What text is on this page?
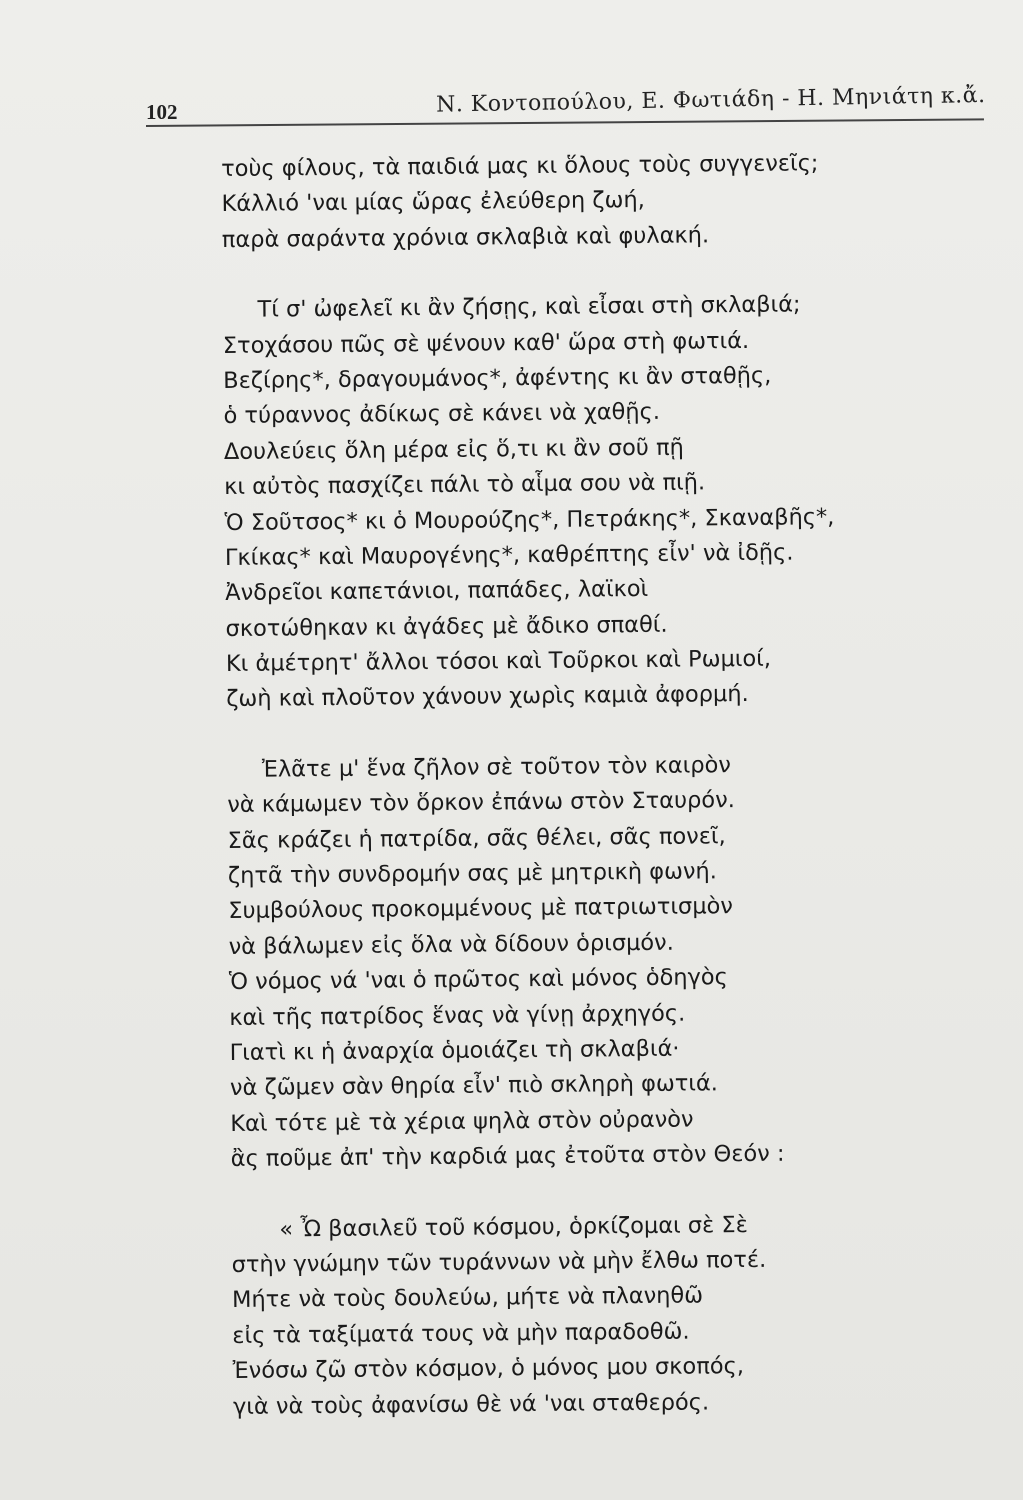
102	Ν. Κοντοπούλου, Ε. Φωτιάδη - Η. Μηνιάτη κ.ἄ.
τοὺς φίλους, τὰ παιδιά μας κι ὅλους τοὺς συγγενεῖς;
Κάλλιό 'ναι μίας ὥρας ἐλεύθερη ζωή,
παρὰ σαράντα χρόνια σκλαβιὰ καὶ φυλακή.
Τί σ' ὠφελεῖ κι ἂν ζήσῃς, καὶ εἶσαι στὴ σκλαβιά;
Στοχάσου πῶς σὲ ψένουν καθ' ὥρα στὴ φωτιά.
Βεζίρης*, δραγουμάνος*, ἀφέντης κι ἂν σταθῇς,
ὁ τύραννος ἀδίκως σὲ κάνει νὰ χαθῇς.
Δουλεύεις ὅλη μέρα εἰς ὅ,τι κι ἂν σοῦ πῇ
κι αὐτὸς πασχίζει πάλι τὸ αἷμα σου νὰ πιῇ.
Ὁ Σοῦτσος* κι ὁ Μουρούζης*, Πετράκης*, Σκαναβῆς*,
Γκίκας* καὶ Μαυρογένης*, καθρέπτης εἶν' νὰ ἰδῇς.
Ἀνδρεῖοι καπετάνιοι, παπάδες, λαϊκοὶ
σκοτώθηκαν κι ἀγάδες μὲ ἄδικο σπαθί.
Κι ἀμέτρητ' ἄλλοι τόσοι καὶ Τοῦρκοι καὶ Ρωμιοί,
ζωὴ καὶ πλοῦτον χάνουν χωρὶς καμιὰ ἀφορμή.
Ἐλᾶτε μ' ἕνα ζῆλον σὲ τοῦτον τὸν καιρὸν
νὰ κάμωμεν τὸν ὅρκον ἐπάνω στὸν Σταυρόν.
Σᾶς κράζει ἡ πατρίδα, σᾶς θέλει, σᾶς πονεῖ,
ζητᾶ τὴν συνδρομήν σας μὲ μητρικὴ φωνή.
Συμβούλους προκομμένους μὲ πατριωτισμὸν
νὰ βάλωμεν εἰς ὅλα νὰ δίδουν ὁρισμόν.
Ὁ νόμος νά 'ναι ὁ πρῶτος καὶ μόνος ὁδηγὸς
καὶ τῆς πατρίδος ἕνας νὰ γίνῃ ἀρχηγός.
Γιατὶ κι ἡ ἀναρχία ὁμοιάζει τὴ σκλαβιά·
νὰ ζῶμεν σὰν θηρία εἶν' πιὸ σκληρὴ φωτιά.
Καὶ τότε μὲ τὰ χέρια ψηλὰ στὸν οὐρανὸν
ἂς ποῦμε ἀπ' τὴν καρδιά μας ἐτοῦτα στὸν Θεόν :
« Ὦ βασιλεῦ τοῦ κόσμου, ὁρκίζομαι σὲ Σὲ
στὴν γνώμην τῶν τυράννων νὰ μὴν ἔλθω ποτέ.
Μήτε νὰ τοὺς δουλεύω, μήτε νὰ πλανηθῶ
εἰς τὰ ταξίματά τους νὰ μὴν παραδοθῶ.
Ἐνόσω ζῶ στὸν κόσμον, ὁ μόνος μου σκοπός,
γιὰ νὰ τοὺς ἀφανίσω θὲ νά 'ναι σταθερός.
